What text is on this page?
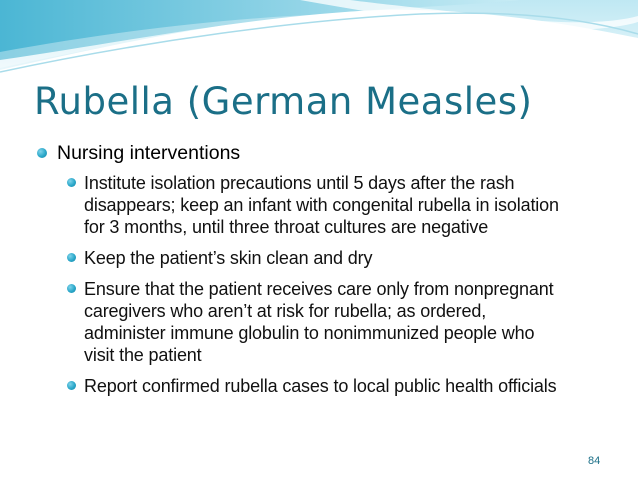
Rubella (German Measles)
Nursing interventions
Institute isolation precautions until 5 days after the rash
disappears; keep an infant with congenital rubella in isolation
for 3 months, until three throat cultures are negative
Keep the patient’s skin clean and dry
Ensure that the patient receives care only from nonpregnant
caregivers who aren’t at risk for rubella; as ordered,
administer immune globulin to nonimmunized people who
visit the patient
Report confirmed rubella cases to local public health officials
84
